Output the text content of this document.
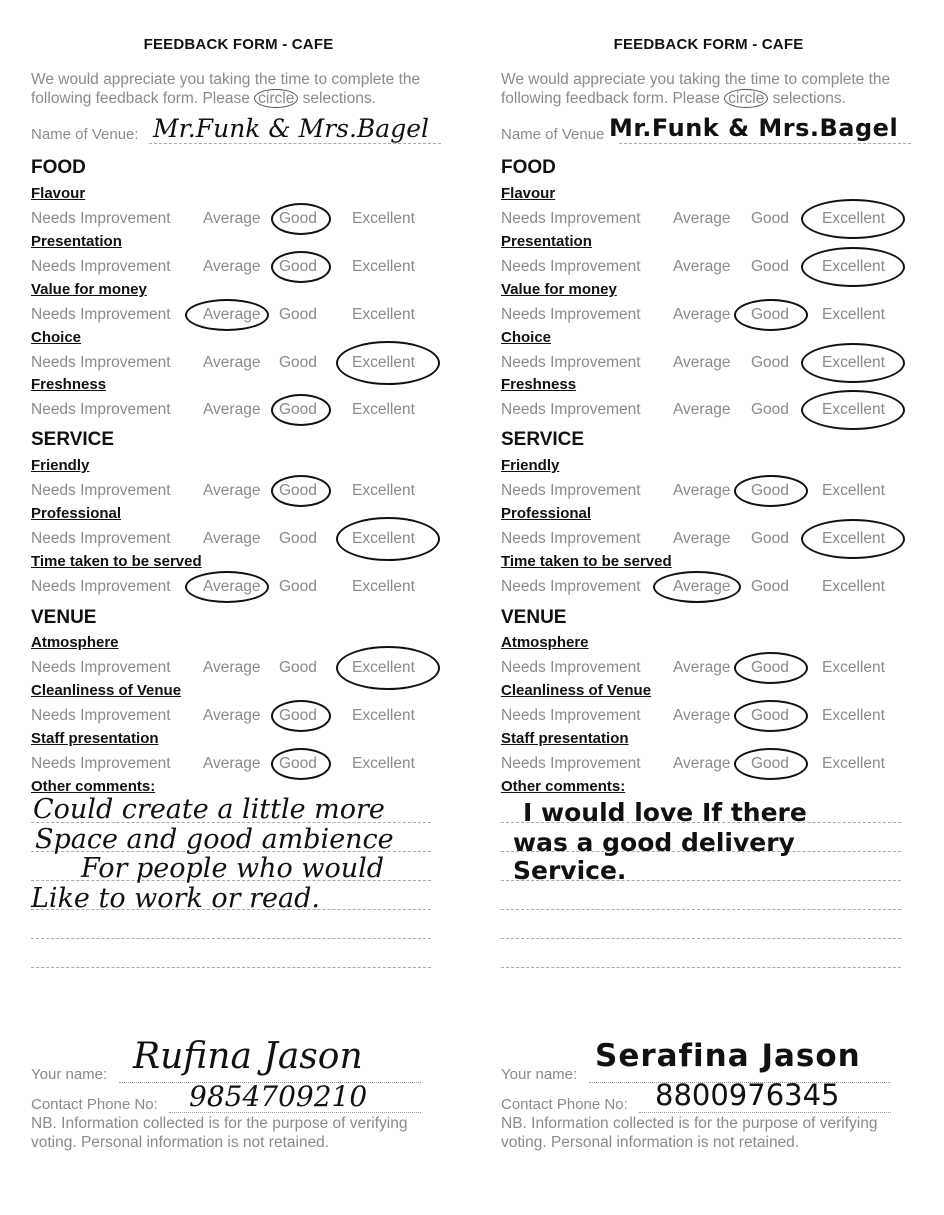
FEEDBACK FORM - CAFE
We would appreciate you taking the time to complete the following feedback form. Please circle selections.
Name of Venue: Mr.Funk & Mrs.Bagel
FOOD
Flavour
Needs Improvement Average Good Excellent
Presentation
Needs Improvement Average Good Excellent
Value for money
Needs Improvement Average Good Excellent
Choice
Needs Improvement Average Good Excellent
Freshness
Needs Improvement Average Good Excellent
SERVICE
Friendly
Needs Improvement Average Good Excellent
Professional
Needs Improvement Average Good Excellent
Time taken to be served
Needs Improvement Average Good Excellent
VENUE
Atmosphere
Needs Improvement Average Good Excellent
Cleanliness of Venue
Needs Improvement Average Good Excellent
Staff presentation
Needs Improvement Average Good Excellent
Other comments:
Could create a little more
Space and good ambience
For people who would
Like to work or read.
Your name:
Contact Phone No:
Rufina Jason
9854709210
NB. Information collected is for the purpose of verifying voting. Personal information is not retained.
FEEDBACK FORM - CAFE
We would appreciate you taking the time to complete the following feedback form. Please circle selections.
Name of Venue Mr.Funk & Mrs.Bagel
FOOD
Flavour
Needs Improvement Average Good Excellent
Presentation
Needs Improvement Average Good Excellent
Value for money
Needs Improvement Average Good Excellent
Choice
Needs Improvement Average Good Excellent
Freshness
Needs Improvement Average Good Excellent
SERVICE
Friendly
Needs Improvement Average Good Excellent
Professional
Needs Improvement Average Good Excellent
Time taken to be served
Needs Improvement Average Good Excellent
VENUE
Atmosphere
Needs Improvement Average Good Excellent
Cleanliness of Venue
Needs Improvement Average Good Excellent
Staff presentation
Needs Improvement Average Good Excellent
Other comments:
I would love If there
was a good delivery
Service.
Your name:
Contact Phone No:
Serafina Jason
8800976345
NB. Information collected is for the purpose of verifying voting. Personal information is not retained.
